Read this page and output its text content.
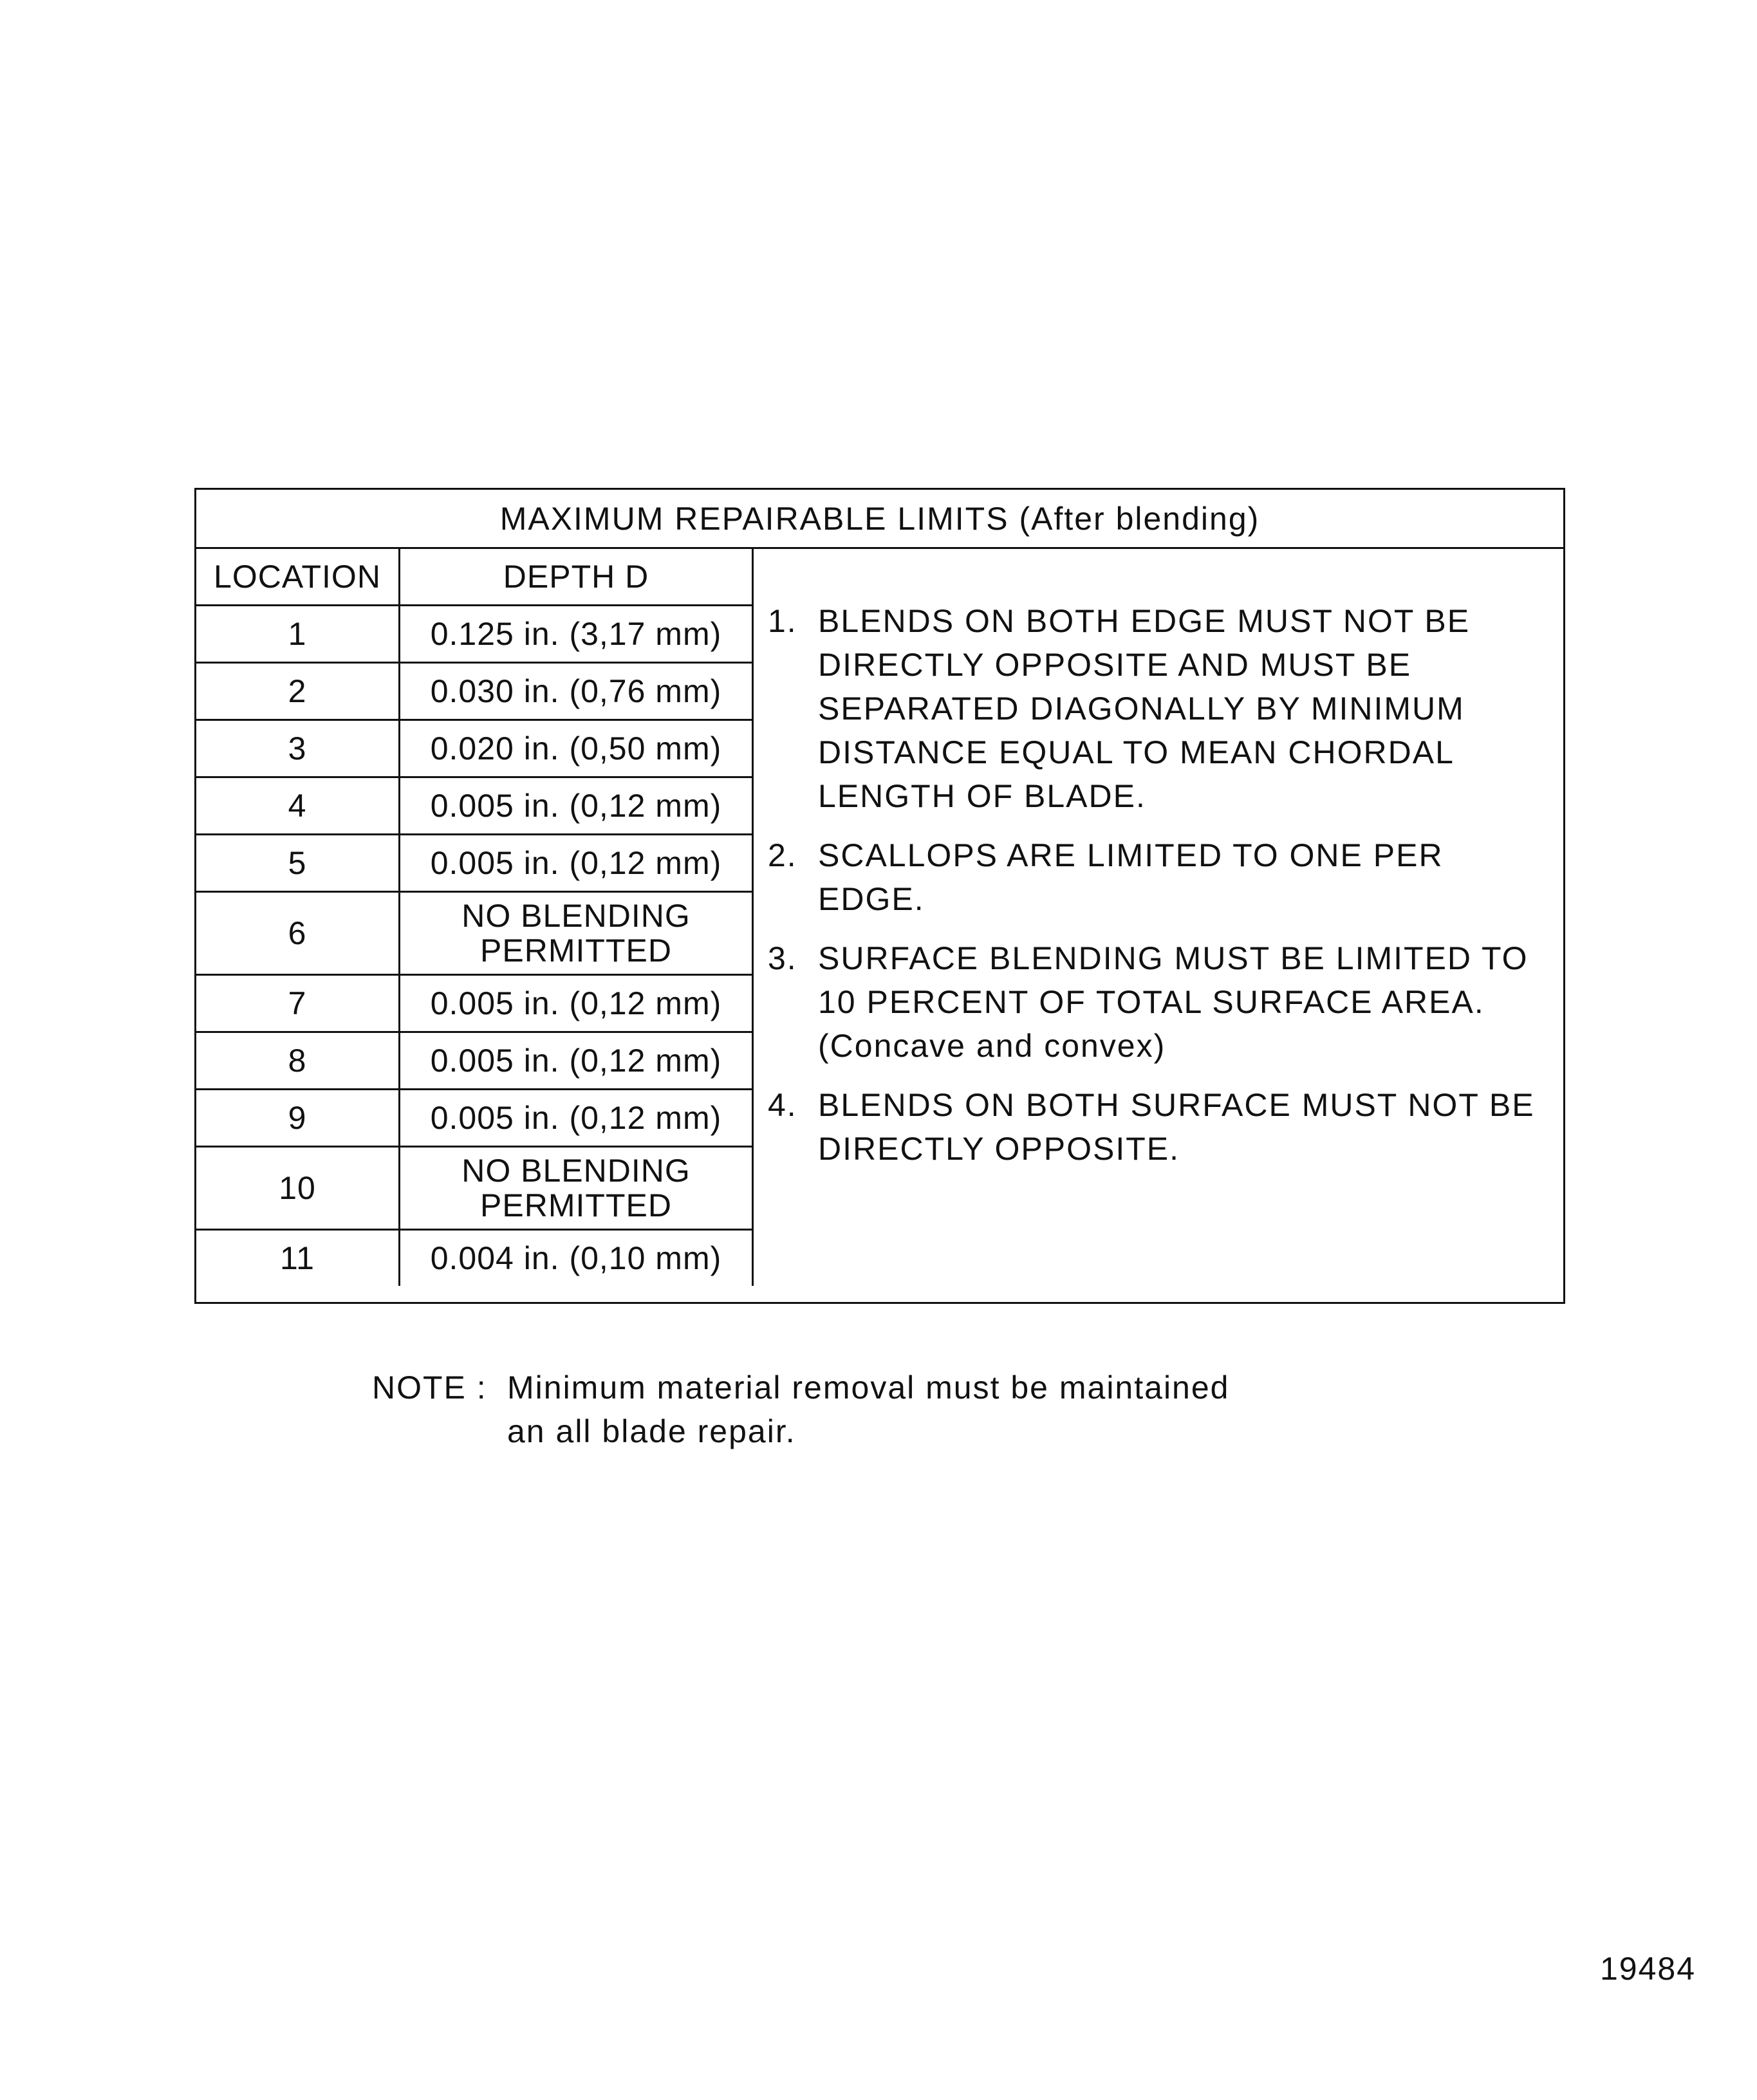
MAXIMUM REPAIRABLE LIMITS (After blending)
LOCATION	DEPTH D
1	0.125 in. (3,17 mm)
2	0.030 in. (0,76 mm)
3	0.020 in. (0,50 mm)
4	0.005 in. (0,12 mm)
5	0.005 in. (0,12 mm)
6	NO BLENDING
PERMITTED

7	0.005 in. (0,12 mm)
8	0.005 in. (0,12 mm)
9	0.005 in. (0,12 mm)
10	NO BLENDING
PERMITTED

11	0.004 in. (0,10 mm)
1. BLENDS ON BOTH EDGE MUST NOT BE DIRECTLY OPPOSITE AND MUST BE SEPARATED DIAGONALLY BY MINIMUM DISTANCE EQUAL TO MEAN CHORDAL LENGTH OF BLADE.
2. SCALLOPS ARE LIMITED TO ONE PER EDGE.
3. SURFACE BLENDING MUST BE LIMITED TO 10 PERCENT OF TOTAL SURFACE AREA. (Concave and convex)
4. BLENDS ON BOTH SURFACE MUST NOT BE DIRECTLY OPPOSITE.
NOTE : Minimum material removal must be maintained
an all blade repair.
19484
